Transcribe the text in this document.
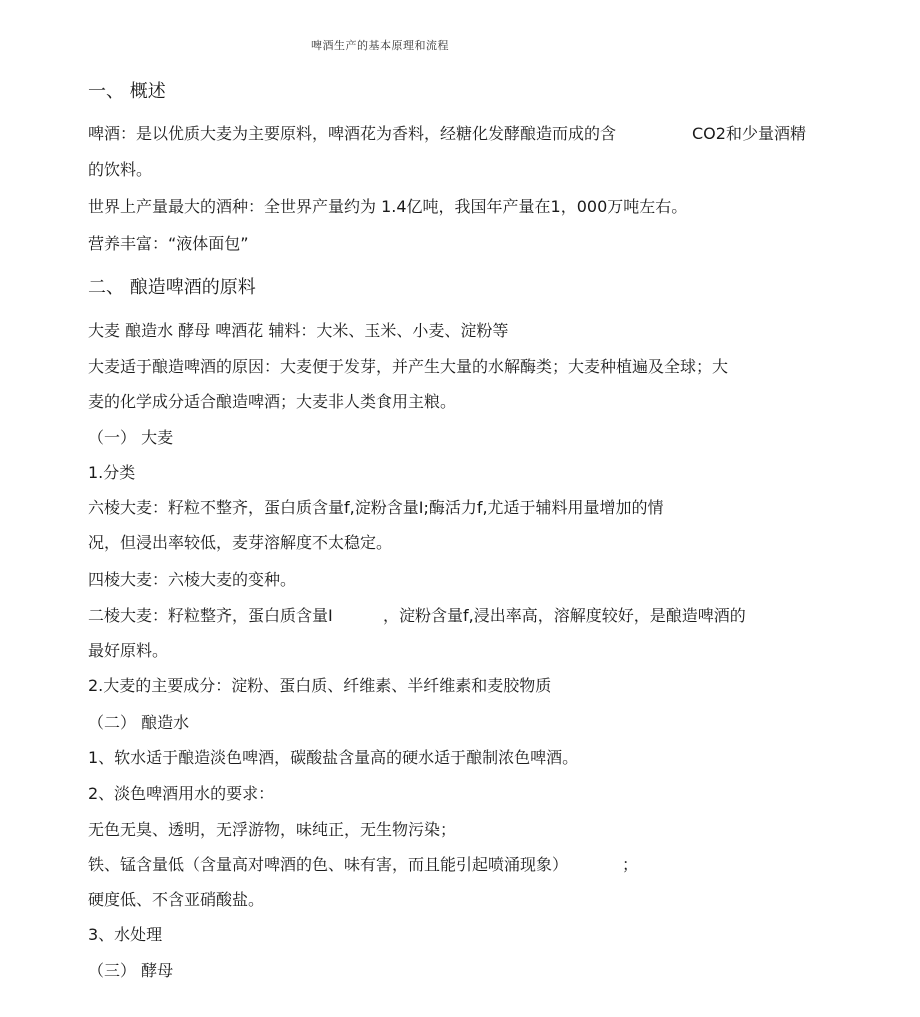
啤酒生产的基本原理和流程
一、 概述
啤酒：是以优质大麦为主要原料，啤酒花为香料，经糖化发酵酿造而成的含	CO2和少量酒精
的饮料。
世界上产量最大的酒种：全世界产量约为 1.4亿吨，我国年产量在1，000万吨左右。
营养丰富：“液体面包”
二、 酿造啤酒的原料
大麦 酿造水 酵母 啤酒花 辅料：大米、玉米、小麦、淀粉等
大麦适于酿造啤酒的原因：大麦便于发芽，并产生大量的水解酶类；大麦种植遍及全球；大
麦的化学成分适合酿造啤酒；大麦非人类食用主粮。
（一） 大麦
1.分类
六棱大麦：籽粒不整齐，蛋白质含量f,淀粉含量I;酶活力f,尤适于辅料用量增加的情
况，但浸出率较低，麦芽溶解度不太稳定。
四棱大麦：六棱大麦的变种。
二棱大麦：籽粒整齐，蛋白质含量I	，淀粉含量f,浸出率高，溶解度较好，是酿造啤酒的
最好原料。
2.大麦的主要成分：淀粉、蛋白质、纤维素、半纤维素和麦胶物质
（二） 酿造水
1、软水适于酿造淡色啤酒，碳酸盐含量高的硬水适于酿制浓色啤酒。
2、淡色啤酒用水的要求：
无色无臭、透明，无浮游物，味纯正，无生物污染；
铁、锰含量低（含量高对啤酒的色、味有害，而且能引起喷涌现象）	；
硬度低、不含亚硝酸盐。
3、水处理
（三） 酵母
